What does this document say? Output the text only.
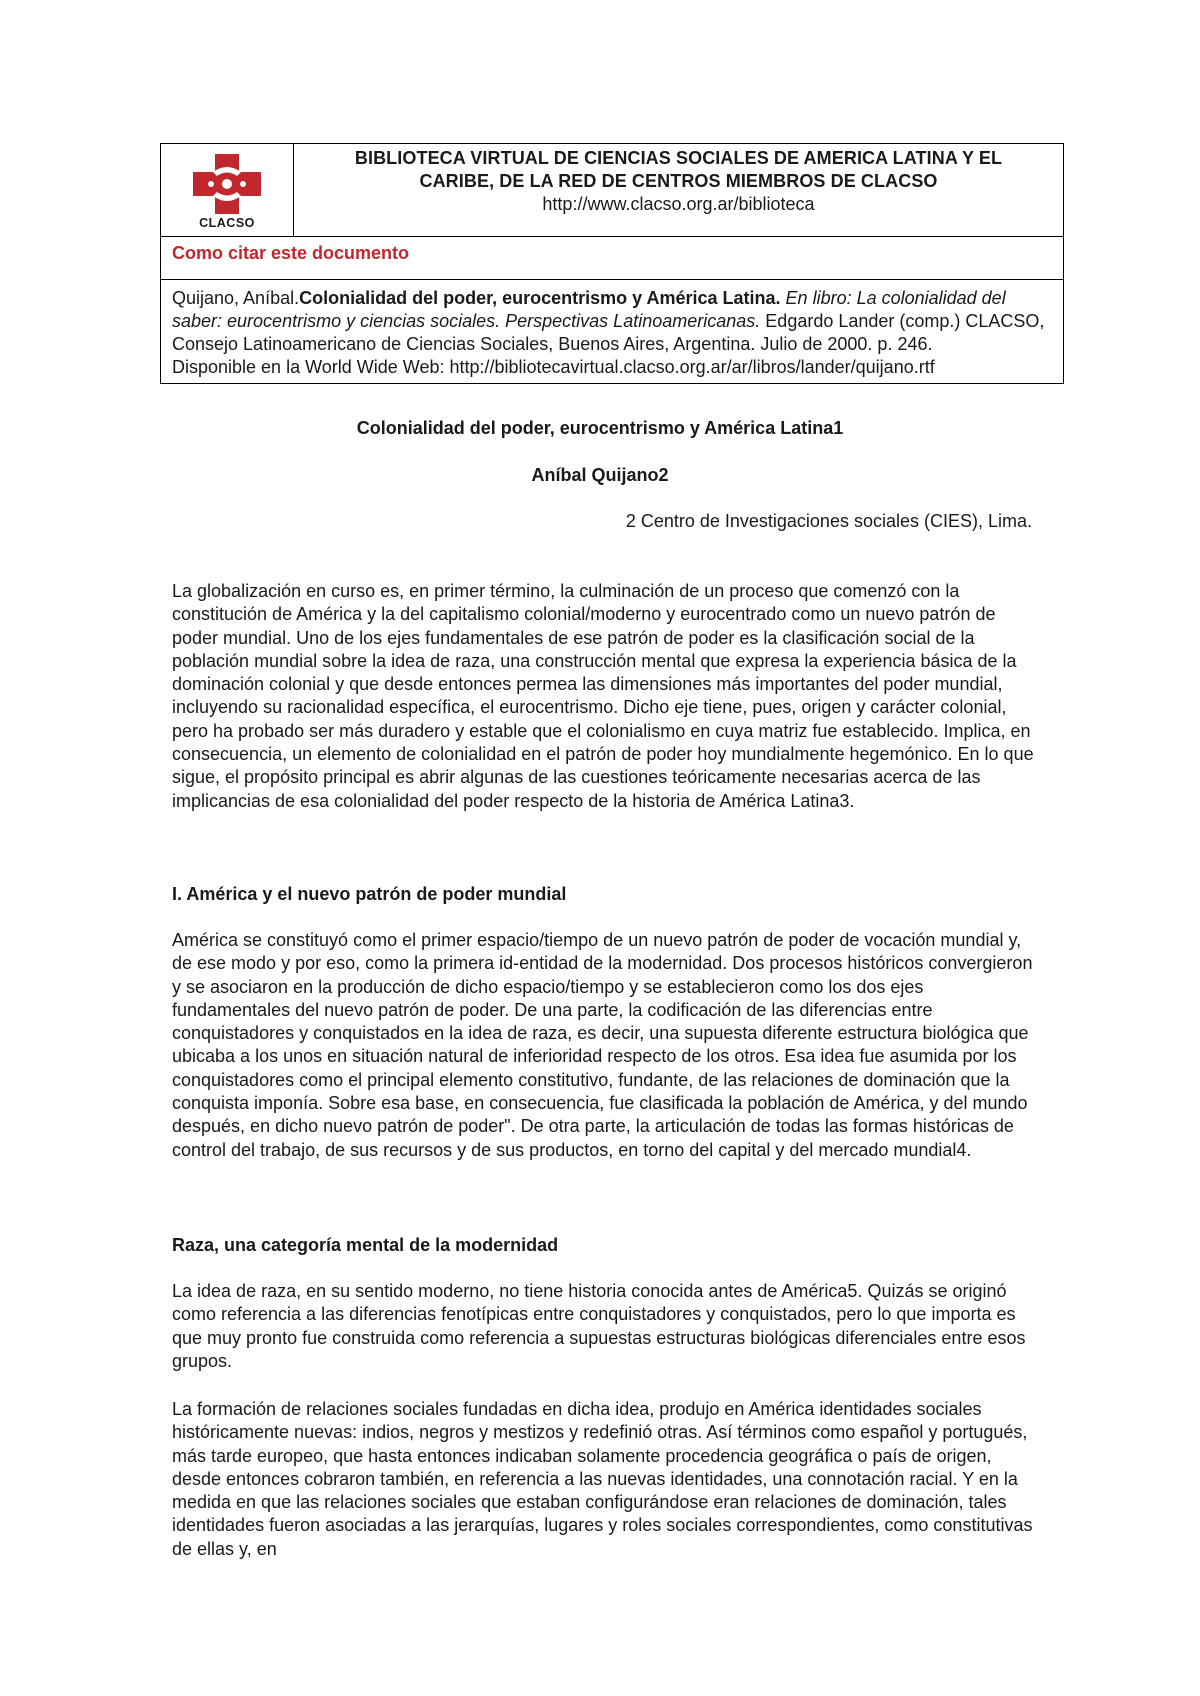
CLACSO

BIBLIOTECA VIRTUAL DE CIENCIAS SOCIALES DE AMERICA LATINA Y EL
CARIBE, DE LA RED DE CENTROS MIEMBROS DE CLACSO
http://www.clacso.org.ar/biblioteca

Como citar este documento
Quijano, Aníbal.Colonialidad del poder, eurocentrismo y América Latina. En libro: La colonialidad del saber: eurocentrismo y ciencias sociales. Perspectivas Latinoamericanas. Edgardo Lander (comp.) CLACSO, Consejo Latinoamericano de Ciencias Sociales, Buenos Aires, Argentina. Julio de 2000. p. 246.
Disponible en la World Wide Web: http://bibliotecavirtual.clacso.org.ar/ar/libros/lander/quijano.rtf
Colonialidad del poder, eurocentrismo y América Latina1
Aníbal Quijano2
2 Centro de Investigaciones sociales (CIES), Lima.

La globalización en curso es, en primer término, la culminación de un proceso que comenzó con la constitución de América y la del capitalismo colonial/moderno y eurocentrado como un nuevo patrón de poder mundial. Uno de los ejes fundamentales de ese patrón de poder es la clasificación social de la población mundial sobre la idea de raza, una construcción mental que expresa la experiencia básica de la dominación colonial y que desde entonces permea las dimensiones más importantes del poder mundial, incluyendo su racionalidad específica, el eurocentrismo. Dicho eje tiene, pues, origen y carácter colonial, pero ha probado ser más duradero y estable que el colonialismo en cuya matriz fue establecido. Implica, en consecuencia, un elemento de colonialidad en el patrón de poder hoy mundialmente hegemónico. En lo que sigue, el propósito principal es abrir algunas de las cuestiones teóricamente necesarias acerca de las implicancias de esa colonialidad del poder respecto de la historia de América Latina3.

I. América y el nuevo patrón de poder mundial

América se constituyó como el primer espacio/tiempo de un nuevo patrón de poder de vocación mundial y, de ese modo y por eso, como la primera id-entidad de la modernidad. Dos procesos históricos convergieron y se asociaron en la producción de dicho espacio/tiempo y se establecieron como los dos ejes fundamentales del nuevo patrón de poder. De una parte, la codificación de las diferencias entre conquistadores y conquistados en la idea de raza, es decir, una supuesta diferente estructura biológica que ubicaba a los unos en situación natural de inferioridad respecto de los otros. Esa idea fue asumida por los conquistadores como el principal elemento constitutivo, fundante, de las relaciones de dominación que la conquista imponía. Sobre esa base, en consecuencia, fue clasificada la población de América, y del mundo después, en dicho nuevo patrón de poder". De otra parte, la articulación de todas las formas históricas de control del trabajo, de sus recursos y de sus productos, en torno del capital y del mercado mundial4.

Raza, una categoría mental de la modernidad

La idea de raza, en su sentido moderno, no tiene historia conocida antes de América5. Quizás se originó como referencia a las diferencias fenotípicas entre conquistadores y conquistados, pero lo que importa es que muy pronto fue construida como referencia a supuestas estructuras biológicas diferenciales entre esos grupos.

La formación de relaciones sociales fundadas en dicha idea, produjo en América identidades sociales históricamente nuevas: indios, negros y mestizos y redefinió otras. Así términos como español y portugués, más tarde europeo, que hasta entonces indicaban solamente procedencia geográfica o país de origen, desde entonces cobraron también, en referencia a las nuevas identidades, una connotación racial. Y en la medida en que las relaciones sociales que estaban configurándose eran relaciones de dominación, tales identidades fueron asociadas a las jerarquías, lugares y roles sociales correspondientes, como constitutivas de ellas y, en
